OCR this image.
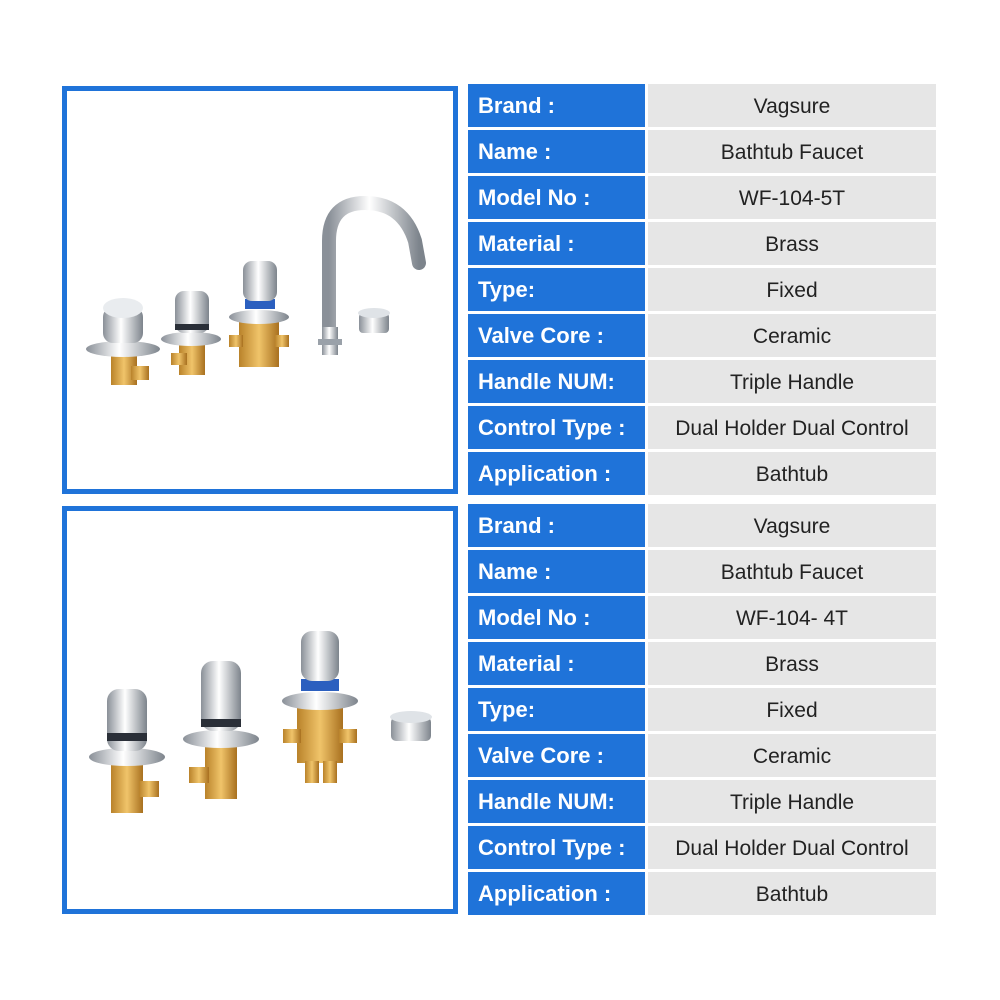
Brand :	Vagsure
Name :	Bathtub Faucet
Model No :	WF-104-5T
Material :	Brass
Type:	Fixed
Valve Core :	Ceramic
Handle NUM:	Triple Handle
Control Type :	Dual Holder Dual Control
Application :	Bathtub
Brand :	Vagsure
Name :	Bathtub Faucet
Model No :	WF-104- 4T
Material :	Brass
Type:	Fixed
Valve Core :	Ceramic
Handle NUM:	Triple Handle
Control Type :	Dual Holder Dual Control
Application :	Bathtub
